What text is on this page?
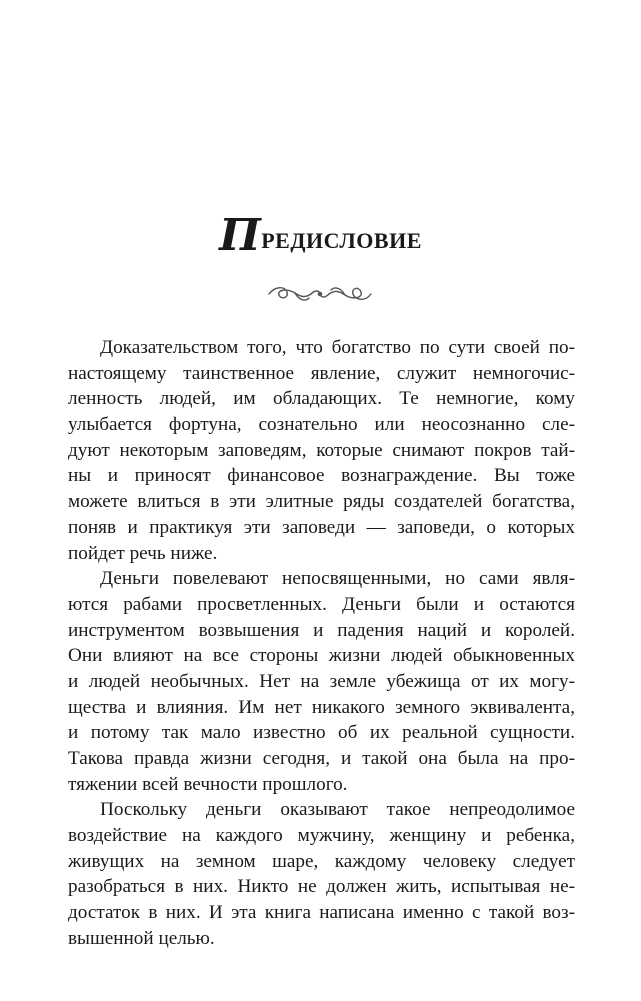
Предисловие
Доказательством того, что богатство по сути своей по-
настоящему таинственное явление, служит немногочис-
ленность людей, им обладающих. Те немногие, кому
улыбается фортуна, сознательно или неосознанно сле-
дуют некоторым заповедям, которые снимают покров тай-
ны и приносят финансовое вознаграждение. Вы тоже
можете влиться в эти элитные ряды создателей богатства,
поняв и практикуя эти заповеди — заповеди, о которых
пойдет речь ниже.
Деньги повелевают непосвященными, но сами явля-
ются рабами просветленных. Деньги были и остаются
инструментом возвышения и падения наций и королей.
Они влияют на все стороны жизни людей обыкновенных
и людей необычных. Нет на земле убежища от их могу-
щества и влияния. Им нет никакого земного эквивалента,
и потому так мало известно об их реальной сущности.
Такова правда жизни сегодня, и такой она была на про-
тяжении всей вечности прошлого.
Поскольку деньги оказывают такое непреодолимое
воздействие на каждого мужчину, женщину и ребенка,
живущих на земном шаре, каждому человеку следует
разобраться в них. Никто не должен жить, испытывая не-
достаток в них. И эта книга написана именно с такой воз-
вышенной целью.
